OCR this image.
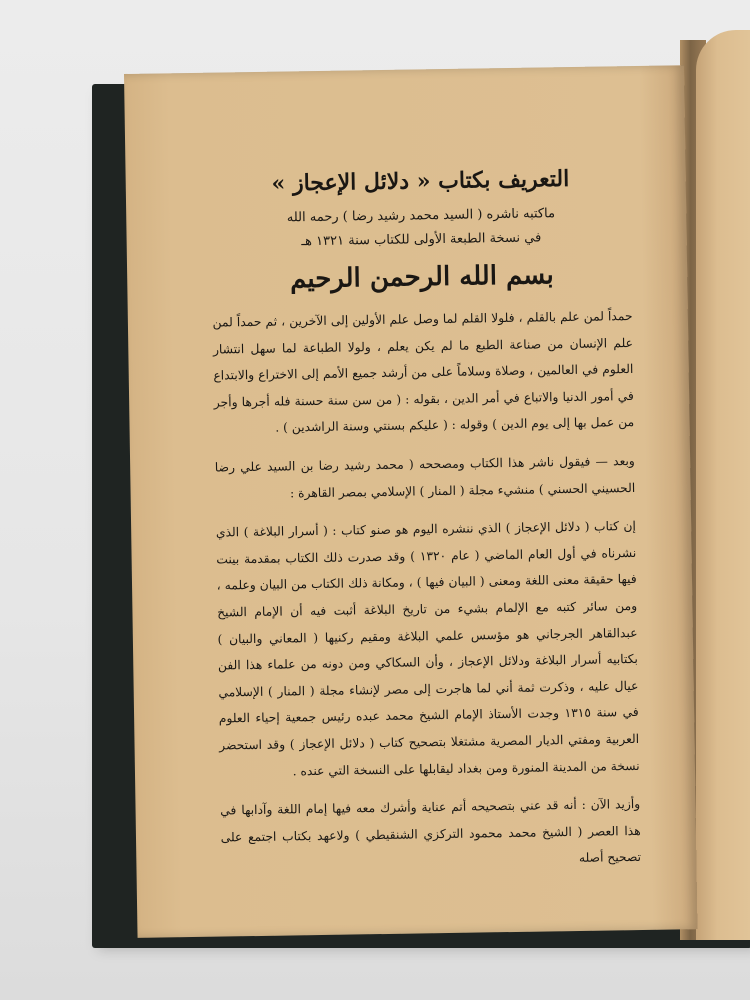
التعريف بكتاب « دلائل الإعجاز »
ماكتبه ناشره ( السيد محمد رشيد رضا ) رحمه الله
في نسخة الطبعة الأولى للكتاب سنة ١٣٢١ هـ
بسم الله الرحمن الرحيم

حمداً لمن علم بالقلم ، فلولا القلم لما وصل علم الأولين إلى الآخرين ، ثم حمداً لمن علم الإنسان من صناعة الطبع ما لم يكن يعلم ، ولولا الطباعة لما سهل انتشار العلوم في العالمين ، وصلاة وسلاماً على من أرشد جميع الأمم إلى الاختراع والابتداع في أمور الدنيا والاتباع في أمر الدين ، بقوله : ( من سن سنة حسنة فله أجرها وأجر من عمل بها إلى يوم الدين ) وقوله : ( عليكم بسنتي وسنة الراشدين ) .

وبعد — فيقول ناشر هذا الكتاب ومصححه ( محمد رشيد رضا بن السيد علي رضا الحسيني الحسني ) منشيء مجلة ( المنار ) الإسلامي بمصر القاهرة :

إن كتاب ( دلائل الإعجاز ) الذي ننشره اليوم هو صنو كتاب : ( أسرار البلاغة ) الذي نشرناه في أول العام الماضي ( عام ١٣٢٠ ) وقد صدرت ذلك الكتاب بمقدمة بينت فيها حقيقة معنى اللغة ومعنى ( البيان فيها ) ، ومكانة ذلك الكتاب من البيان وعلمه ، ومن سائر كتبه مع الإلمام بشيء من تاريخ البلاغة أثبت فيه أن الإمام الشيخ عبدالقاهر الجرجاني هو مؤسس علمي البلاغة ومقيم ركنيها ( المعاني والبيان ) بكتابيه أسرار البلاغة ودلائل الإعجاز ، وأن السكاكي ومن دونه من علماء هذا الفن عيال عليه ، وذكرت ثمة أني لما هاجرت إلى مصر لإنشاء مجلة ( المنار ) الإسلامي في سنة ١٣١٥ وجدت الأستاذ الإمام الشيخ محمد عبده رئيس جمعية إحياء العلوم العربية ومفتي الديار المصرية مشتغلا بتصحيح كتاب ( دلائل الإعجاز ) وقد استحضر نسخة من المدينة المنورة ومن بغداد ليقابلها على النسخة التي عنده .

وأزيد الآن : أنه قد عني بتصحيحه أتم عناية وأشرك معه فيها إمام اللغة وآدابها في هذا العصر ( الشيخ محمد محمود التركزي الشنقيطي ) ولاعهد بكتاب اجتمع على تصحيح أصله
